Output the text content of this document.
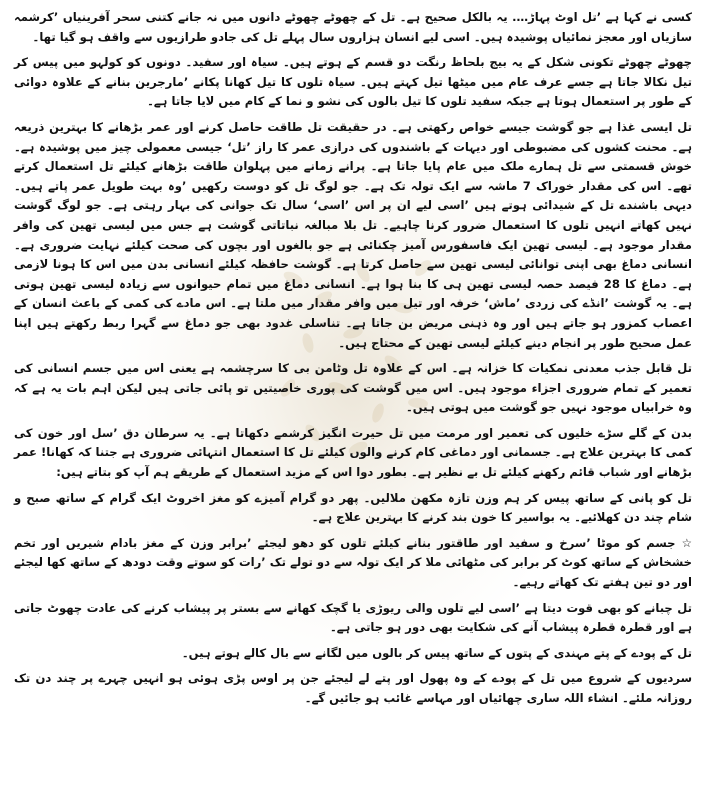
کسی نے کہا ہے ’تل اوٹ پہاڑ…. یہ بالکل صحیح ہے۔ تل کے چھوٹے چھوٹے دانوں میں نہ جانے کتنی سحر آفرینیاں ’کرشمہ سازیاں اور معجز نمائیاں پوشیدہ ہیں۔ اسی لیے انسان ہزاروں سال پہلے تل کی جادو طرازیوں سے واقف ہو گیا تھا۔

چھوٹے چھوٹے تکونی شکل کے یہ بیج بلحاظ رنگت دو قسم کے ہوتے ہیں۔ سیاہ اور سفید۔ دونوں کو کولہو میں پیس کر تیل نکالا جاتا ہے جسے عرف عام میں میٹھا تیل کہتے ہیں۔ سیاہ تلوں کا تیل کھانا پکانے ’مارجرین بنانے کے علاوہ دوائی کے طور پر استعمال ہوتا ہے جبکہ سفید تلوں کا تیل بالوں کی نشو و نما کے کام میں لایا جاتا ہے۔

تل ایسی غذا ہے جو گوشت جیسے خواص رکھتی ہے۔ در حقیقت تل طاقت حاصل کرنے اور عمر بڑھانے کا بہترین ذریعہ ہے۔ محنت کشوں کی مضبوطی اور دیہات کے باشندوں کی درازی عمر کا راز ’تل‘ جیسی معمولی چیز میں پوشیدہ ہے۔ خوش قسمتی سے تل ہمارے ملک میں عام پایا جاتا ہے۔ پرانے زمانے میں پہلوان طاقت بڑھانے کیلئے تل استعمال کرتے تھے۔ اس کی مقدار خوراک 7 ماشہ سے ایک تولہ تک ہے۔ جو لوگ تل کو دوست رکھیں ’وہ بہت طویل عمر پاتے ہیں۔ دیہی باشندے تل کے شیدائی ہوتے ہیں ’اسی لیے ان پر اس ’اسی‘ سال تک جوانی کی بہار رہتی ہے۔ جو لوگ گوشت نہیں کھاتے انہیں تلوں کا استعمال ضرور کرنا چاہیے۔ تل بلا مبالغہ نباتاتی گوشت ہے جس میں لیسی تھین کی وافر مقدار موجود ہے۔ لیسی تھین ایک فاسفورس آمیز چکنائی ہے جو بالغوں اور بچوں کی صحت کیلئے نہایت ضروری ہے۔ انسانی دماغ بھی اپنی توانائی لیسی تھین سے حاصل کرتا ہے۔ گوشت حافظہ کیلئے انسانی بدن میں اس کا ہونا لازمی ہے۔ دماغ کا 28 فیصد حصہ لیسی تھین ہی کا بنا ہوا ہے۔ انسانی دماغ میں تمام حیوانوں سے زیادہ لیسی تھین ہوتی ہے۔ یہ گوشت ’انڈے کی زردی ’ماش‘ خرفہ اور تیل میں وافر مقدار میں ملتا ہے۔ اس مادے کی کمی کے باعث انسان کے اعصاب کمزور ہو جاتے ہیں اور وہ ذہنی مریض بن جاتا ہے۔ تناسلی غدود بھی جو دماغ سے گہرا ربط رکھتے ہیں اپنا عمل صحیح طور پر انجام دینے کیلئے لیسی تھین کے محتاج ہیں۔

تل قابل جذب معدنی نمکیات کا خزانہ ہے۔ اس کے علاوہ تل وٹامن بی کا سرچشمہ ہے یعنی اس میں جسم انسانی کی تعمیر کے تمام ضروری اجزاء موجود ہیں۔ اس میں گوشت کی پوری خاصیتیں تو پائی جاتی ہیں لیکن اہم بات یہ ہے کہ وہ خرابیاں موجود نہیں جو گوشت میں ہوتی ہیں۔

بدن کے گلے سڑے خلیوں کی تعمیر اور مرمت میں تل حیرت انگیز کرشمے دکھاتا ہے۔ یہ سرطان دق ’سل اور خون کی کمی کا بہترین علاج ہے۔ جسمانی اور دماغی کام کرنے والوں کیلئے تل کا استعمال انتہائی ضروری ہے جتنا کہ کھانا! عمر بڑھانے اور شباب قائم رکھنے کیلئے تل بے نظیر ہے۔ بطور دوا اس کے مزید استعمال کے طریقے ہم آپ کو بتاتے ہیں:

تل کو پانی کے ساتھ پیس کر ہم وزن تازہ مکھن ملالیں۔ پھر دو گرام آمیزے کو مغز اخروٹ ایک گرام کے ساتھ صبح و شام چند دن کھلائیے۔ یہ بواسیر کا خون بند کرنے کا بہترین علاج ہے۔

☆ جسم کو موٹا ’سرخ و سفید اور طاقتور بنانے کیلئے تلوں کو دھو لیجئے ’برابر وزن کے مغز بادام شیریں اور تخم خشخاش کے ساتھ کوٹ کر برابر کی مٹھائی ملا کر ایک تولہ سے دو تولے تک ’رات کو سوتے وقت دودھ کے ساتھ کھا لیجئے اور دو تین ہفتے تک کھاتے رہیے۔

تل چبانے کو بھی قوت دیتا ہے ’اسی لیے تلوں والی ریوڑی یا گچک کھانے سے بستر پر پیشاب کرنے کی عادت چھوٹ جاتی ہے اور قطرہ قطرہ پیشاب آنے کی شکایت بھی دور ہو جاتی ہے۔

تل کے پودے کے پتے مہندی کے پتوں کے ساتھ پیس کر بالوں میں لگانے سے بال کالے ہوتے ہیں۔

سردیوں کے شروع میں تل کے پودے کے وہ پھول اور پتے لے لیجئے جن پر اوس پڑی ہوئی ہو انہیں چہرے پر چند دن تک روزانہ ملئے۔ انشاء اللہ ساری چھائیاں اور مہاسے غائب ہو جائیں گے۔
